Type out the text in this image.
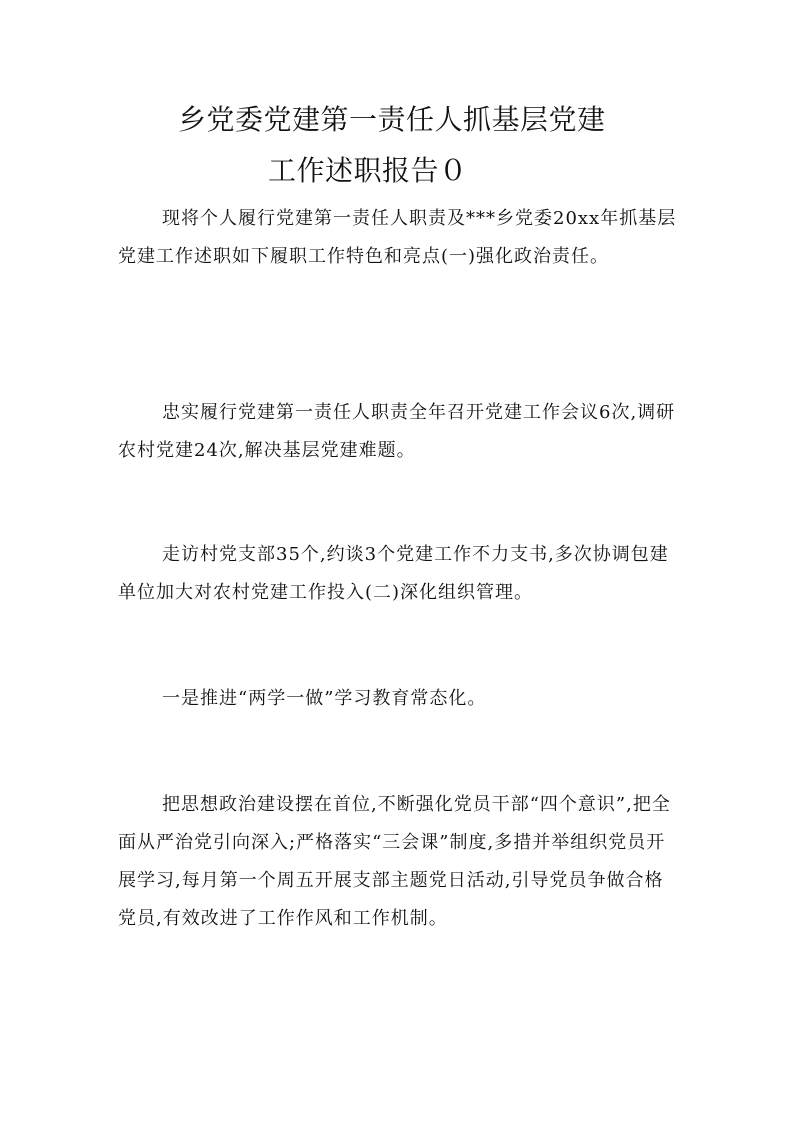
乡党委党建第一责任人抓基层党建
工作述职报告０
现将个人履行党建第一责任人职责及***乡党委20xx年抓基层党建工作述职如下履职工作特色和亮点(一)强化政治责任。
忠实履行党建第一责任人职责全年召开党建工作会议6次,调研农村党建24次,解决基层党建难题。
走访村党支部35个,约谈3个党建工作不力支书,多次协调包建单位加大对农村党建工作投入(二)深化组织管理。
一是推进“两学一做”学习教育常态化。
把思想政治建设摆在首位,不断强化党员干部“四个意识”,把全面从严治党引向深入;严格落实“三会课”制度,多措并举组织党员开展学习,每月第一个周五开展支部主题党日活动,引导党员争做合格党员,有效改进了工作作风和工作机制。
